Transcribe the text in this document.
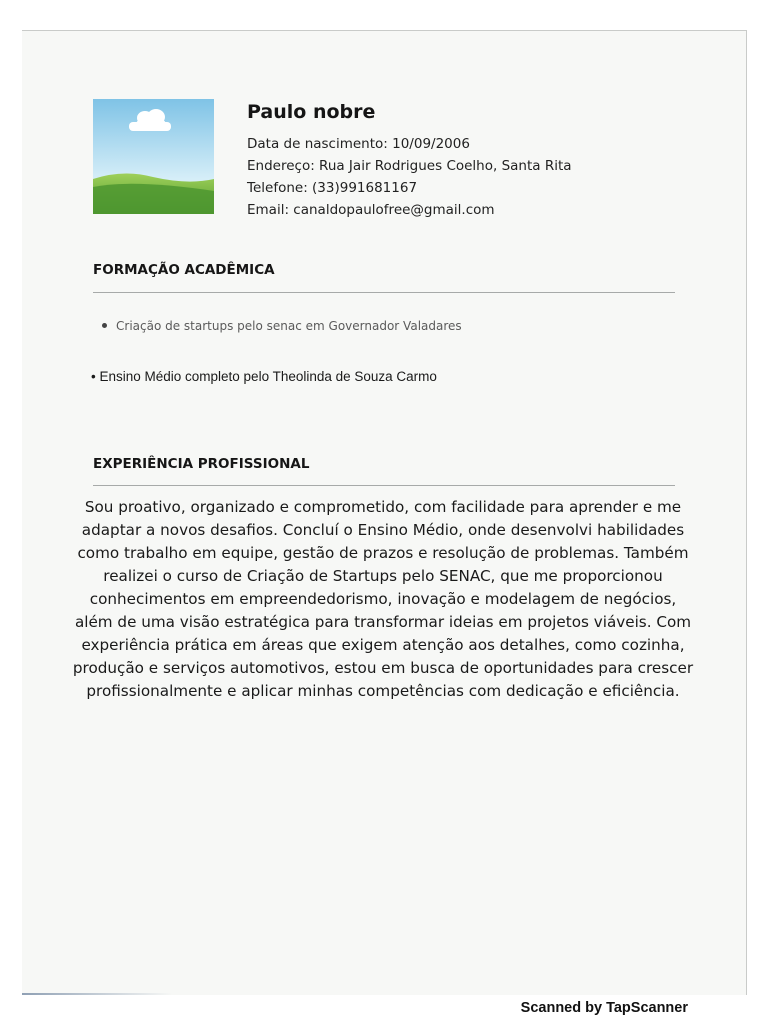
Paulo nobre
Data de nascimento: 10/09/2006
Endereço: Rua Jair Rodrigues Coelho, Santa Rita
Telefone: (33)991681167
Email: canaldopaulofree@gmail.com
FORMAÇÃO ACADÊMICA
Criação de startups pelo senac em Governador Valadares
• Ensino Médio completo pelo Theolinda de Souza Carmo
EXPERIÊNCIA PROFISSIONAL
Sou proativo, organizado e comprometido, com facilidade para aprender e me
adaptar a novos desafios. Concluí o Ensino Médio, onde desenvolvi habilidades
como trabalho em equipe, gestão de prazos e resolução de problemas. Também
realizei o curso de Criação de Startups pelo SENAC, que me proporcionou
conhecimentos em empreendedorismo, inovação e modelagem de negócios,
além de uma visão estratégica para transformar ideias em projetos viáveis. Com
experiência prática em áreas que exigem atenção aos detalhes, como cozinha,
produção e serviços automotivos, estou em busca de oportunidades para crescer
profissionalmente e aplicar minhas competências com dedicação e eficiência.
Scanned by TapScanner
